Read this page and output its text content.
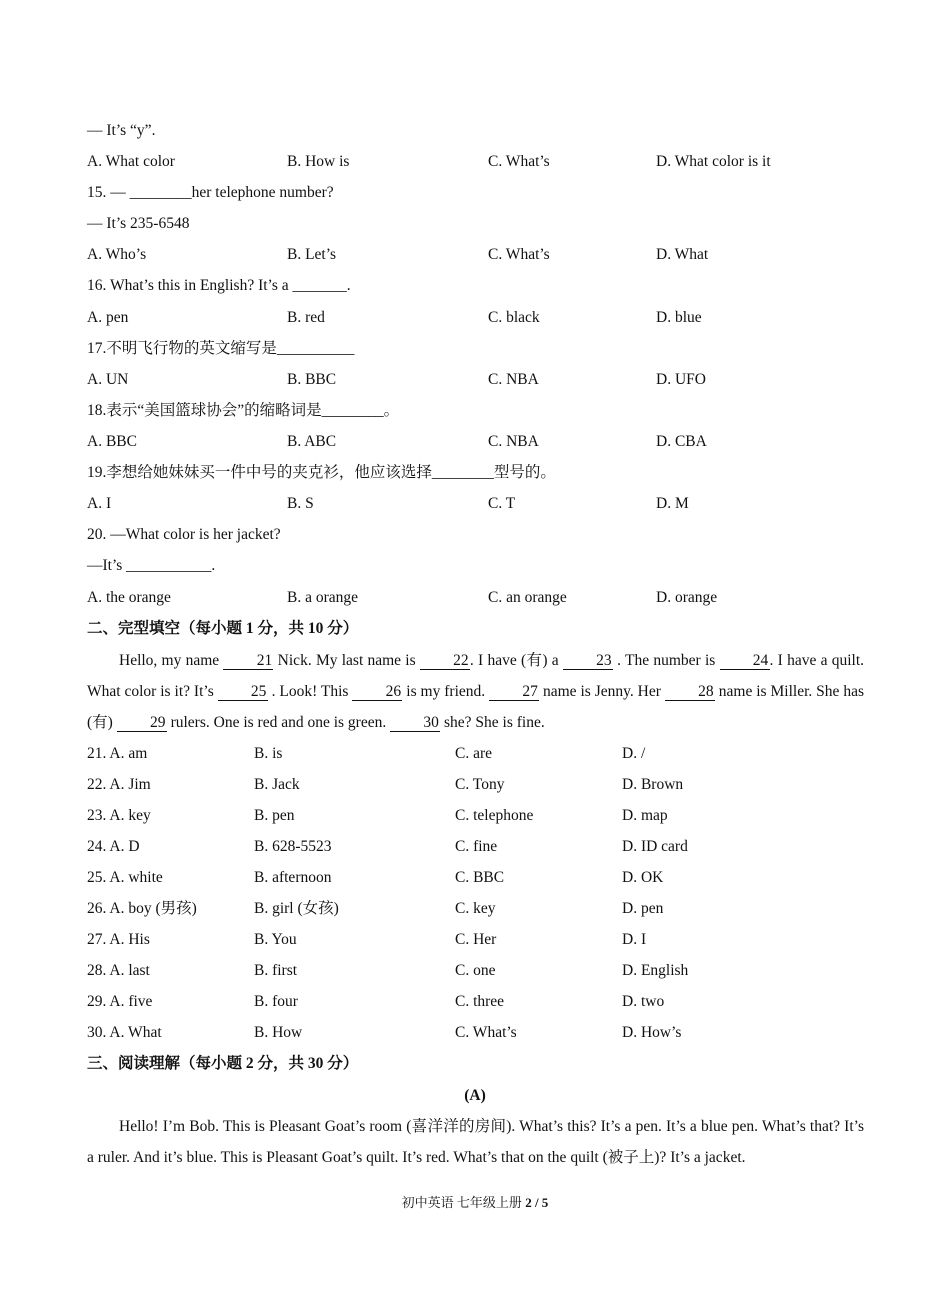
— It’s “y”.
A. What color	B. How is	C. What’s	D. What color is it
15. — ________her telephone number?
— It’s 235-6548
A. Who’s	B. Let’s	C. What’s	D. What
16. What’s this in English? It’s a _______.
A. pen	B. red	C. black	D. blue
17.不明飞行物的英文缩写是__________
A. UN	B. BBC	C. NBA	D. UFO
18.表示“美国篮球协会”的缩略词是________。
A. BBC	B. ABC	C. NBA	D. CBA
19.李想给她妹妹买一件中号的夹克衫，他应该选择________型号的。
A. I	B. S	C. T	D. M
20. —What color is her jacket?
—It’s ___________.
A. the orange	B. a orange	C. an orange	D. orange
二、完型填空（每小题 1 分，共 10 分）

Hello, my name 21 Nick. My last name is 22. I have (有) a 23 . The number is 24. I have a quilt. What color is it? It’s 25 . Look! This 26 is my friend. 27 name is Jenny. Her 28 name is Miller. She has (有) 29 rulers. One is red and one is green. 30 she? She is fine.

21. A. am	B. is	C. are	D. /
22. A. Jim	B. Jack	C. Tony	D. Brown
23. A. key	B. pen	C. telephone	D. map
24. A. D	B. 628-5523	C. fine	D. ID card
25. A. white	B. afternoon	C. BBC	D. OK
26. A. boy (男孩)	B. girl (女孩)	C. key	D. pen
27. A. His	B. You	C. Her	D. I
28. A. last	B. first	C. one	D. English
29. A. five	B. four	C. three	D. two
30. A. What	B. How	C. What’s	D. How’s
三、阅读理解（每小题 2 分，共 30 分）
(A)

Hello! I’m Bob. This is Pleasant Goat’s room (喜洋洋的房间). What’s this? It’s a pen. It’s a blue pen. What’s that? It’s a ruler. And it’s blue. This is Pleasant Goat’s quilt. It’s red. What’s that on the quilt (被子上)? It’s a jacket.

初中英语 七年级上册 2 / 5
